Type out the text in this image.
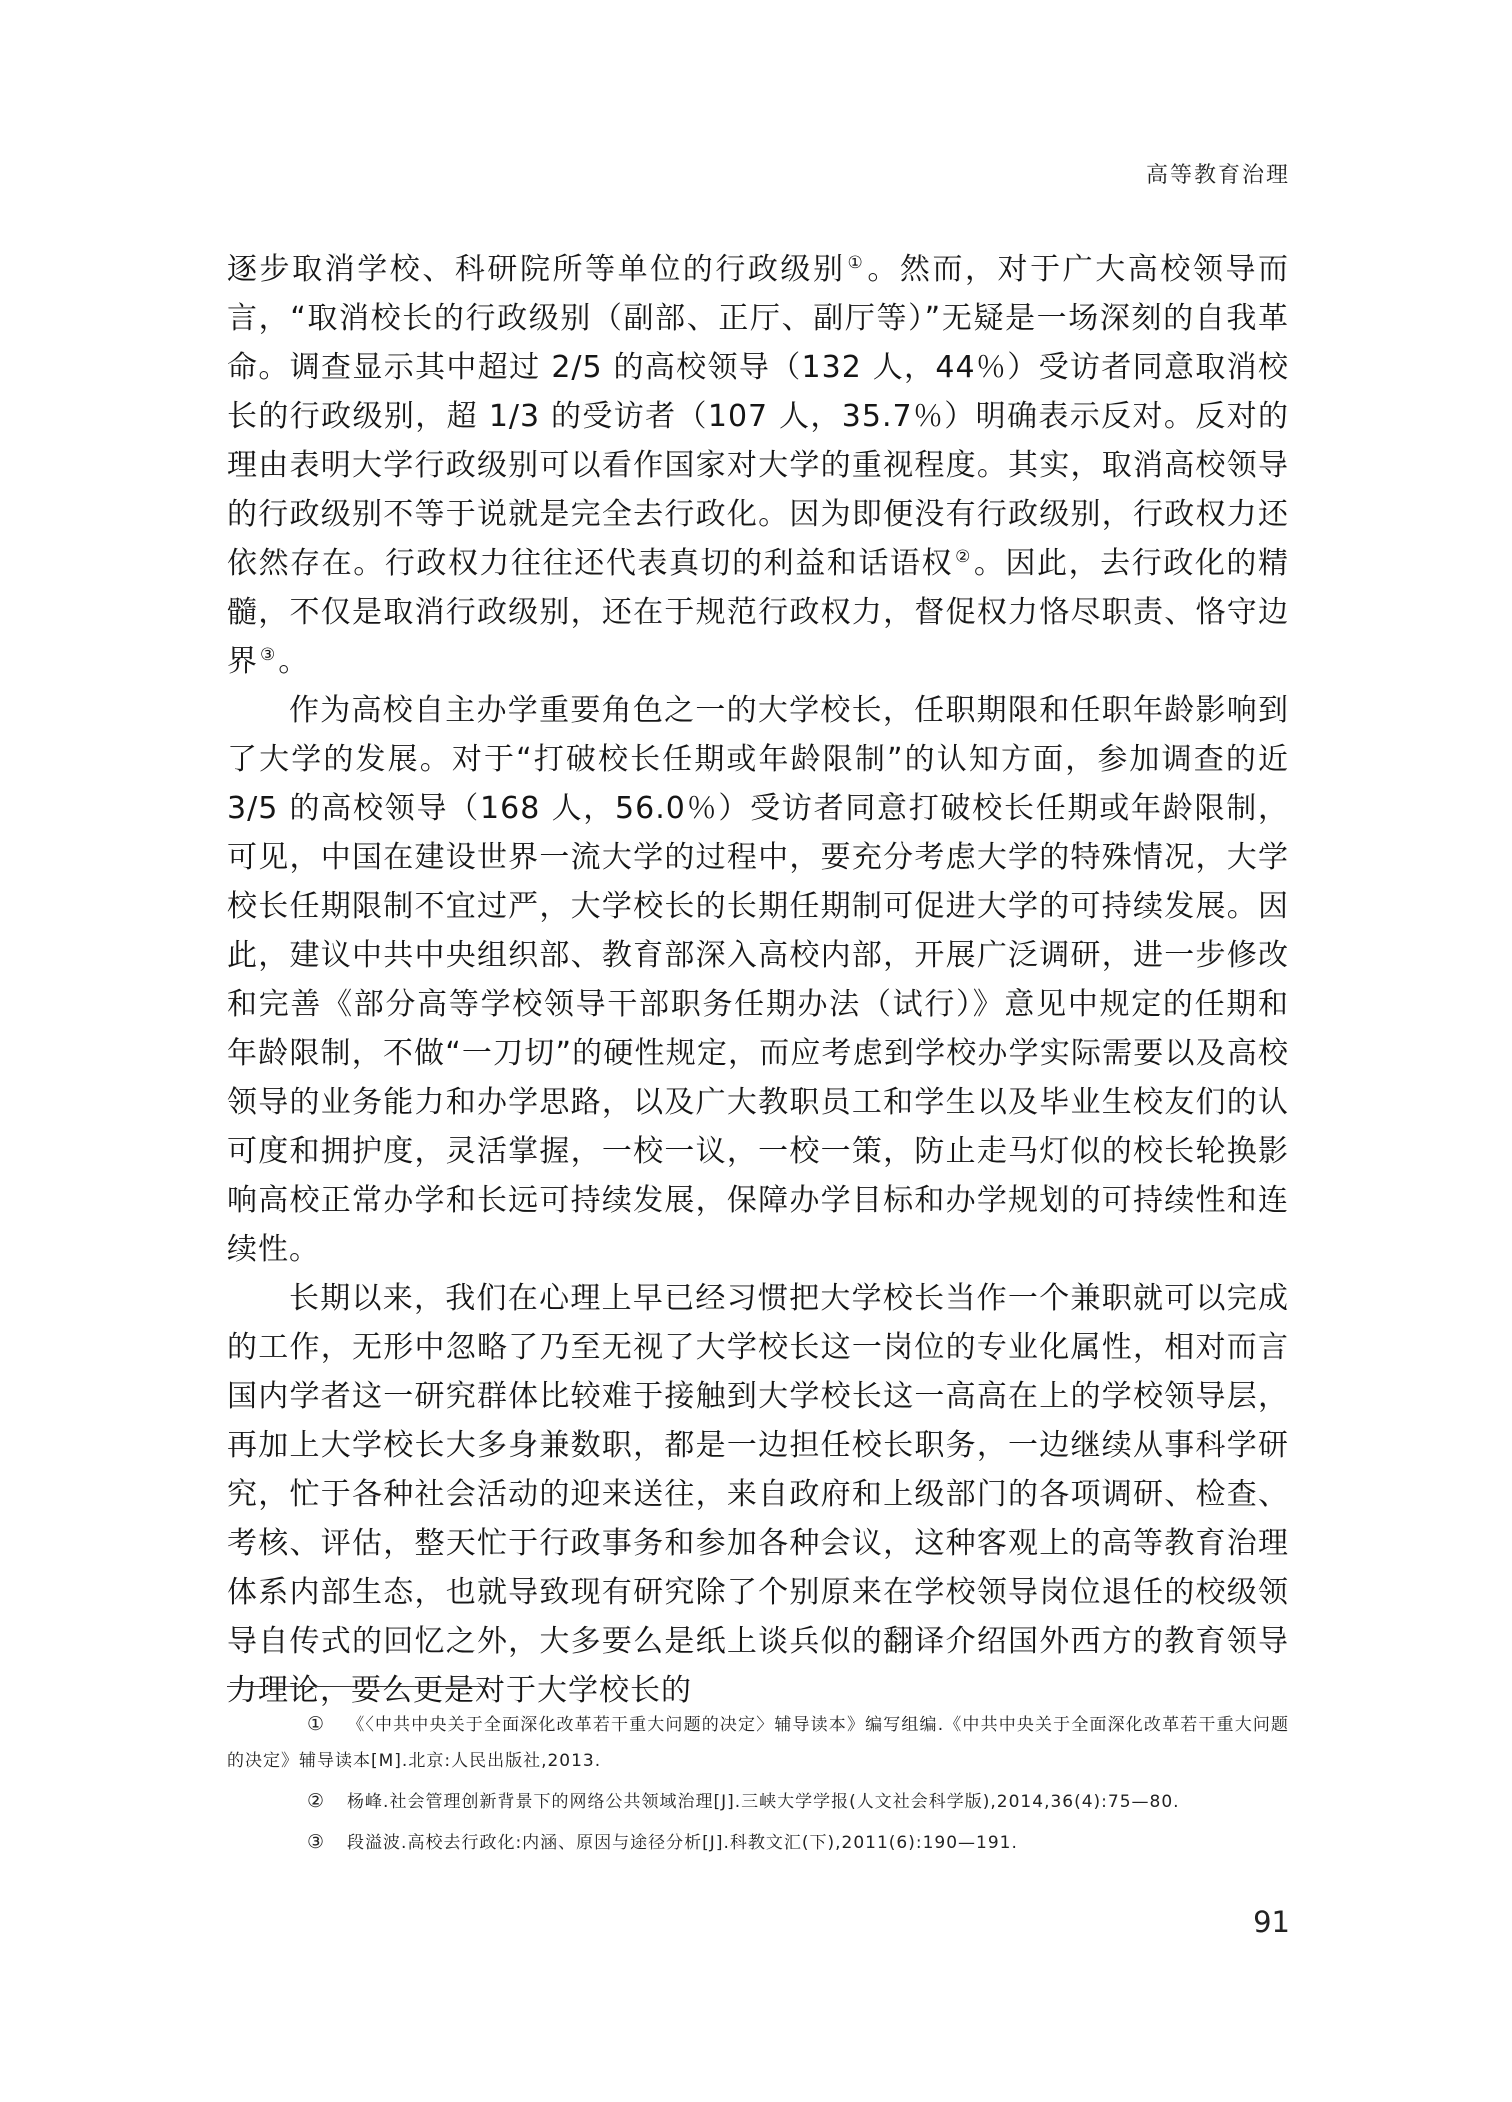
高等教育治理

逐步取消学校、科研院所等单位的行政级别 ①。然而，对于广大高校领导而言，“取消校长的行政级别（副部、正厅、副厅等）”无疑是一场深刻的自我革命。调查显示其中超过 2/5 的高校领导（132 人，44％）受访者同意取消校长的行政级别，超 1/3 的受访者（107 人，35.7％）明确表示反对。反对的理由表明大学行政级别可以看作国家对大学的重视程度。其实，取消高校领导的行政级别不等于说就是完全去行政化。因为即便没有行政级别，行政权力还依然存在。行政权力往往还代表真切的利益和话语权 ②。因此，去行政化的精髓，不仅是取消行政级别，还在于规范行政权力，督促权力恪尽职责、恪守边界 ③。

作为高校自主办学重要角色之一的大学校长，任职期限和任职年龄影响到了大学的发展。对于“打破校长任期或年龄限制”的认知方面，参加调查的近 3/5 的高校领导（168 人，56.0％）受访者同意打破校长任期或年龄限制，可见，中国在建设世界一流大学的过程中，要充分考虑大学的特殊情况，大学校长任期限制不宜过严，大学校长的长期任期制可促进大学的可持续发展。因此，建议中共中央组织部、教育部深入高校内部，开展广泛调研，进一步修改和完善《部分高等学校领导干部职务任期办法（试行）》意见中规定的任期和年龄限制，不做“一刀切”的硬性规定，而应考虑到学校办学实际需要以及高校领导的业务能力和办学思路，以及广大教职员工和学生以及毕业生校友们的认可度和拥护度，灵活掌握，一校一议，一校一策，防止走马灯似的校长轮换影响高校正常办学和长远可持续发展，保障办学目标和办学规划的可持续性和连续性。

长期以来，我们在心理上早已经习惯把大学校长当作一个兼职就可以完成的工作，无形中忽略了乃至无视了大学校长这一岗位的专业化属性，相对而言国内学者这一研究群体比较难于接触到大学校长这一高高在上的学校领导层，再加上大学校长大多身兼数职，都是一边担任校长职务，一边继续从事科学研究，忙于各种社会活动的迎来送往，来自政府和上级部门的各项调研、检查、考核、评估，整天忙于行政事务和参加各种会议，这种客观上的高等教育治理体系内部生态，也就导致现有研究除了个别原来在学校领导岗位退任的校级领导自传式的回忆之外，大多要么是纸上谈兵似的翻译介绍国外西方的教育领导力理论，要么更是对于大学校长的

① 《〈中共中央关于全面深化改革若干重大问题的决定〉辅导读本》编写组编.《中共中央关于全面深化改革若干重大问题的决定》辅导读本[M].北京:人民出版社,2013.

② 杨峰.社会管理创新背景下的网络公共领域治理[J].三峡大学学报(人文社会科学版),2014,36(4):75—80.

③ 段溢波.高校去行政化:内涵、原因与途径分析[J].科教文汇(下),2011(6):190—191.

91
